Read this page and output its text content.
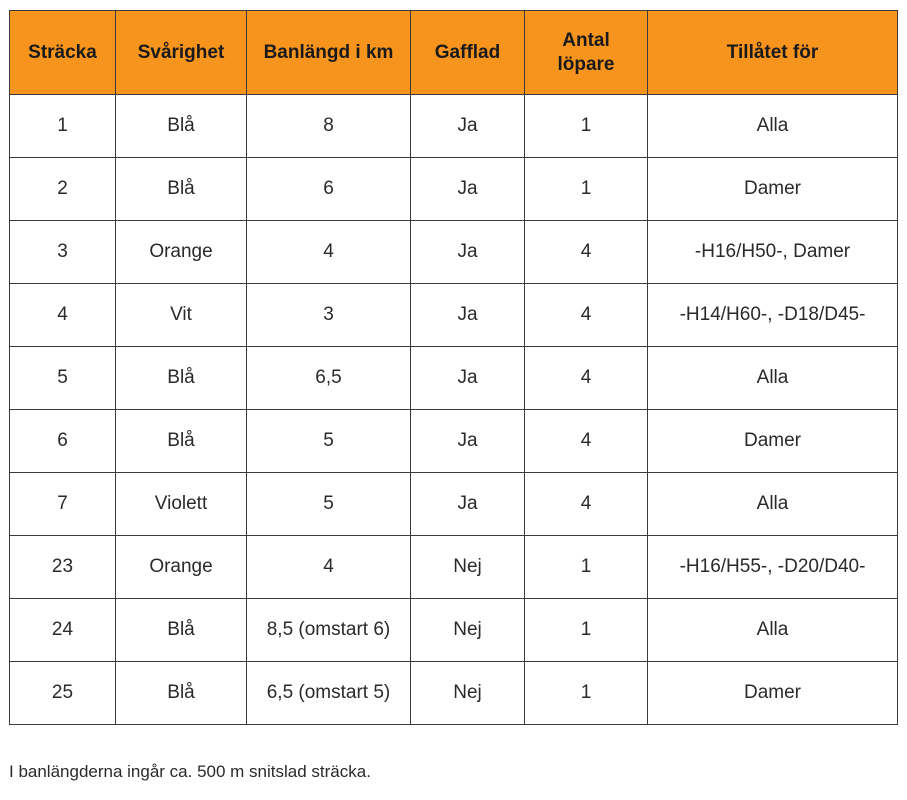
Sträcka	Svårighet	Banlängd i km	Gafflad	Antal löpare	Tillåtet för
1	Blå	8	Ja	1	Alla
2	Blå	6	Ja	1	Damer
3	Orange	4	Ja	4	-H16/H50-, Damer
4	Vit	3	Ja	4	-H14/H60-, -D18/D45-
5	Blå	6,5	Ja	4	Alla
6	Blå	5	Ja	4	Damer
7	Violett	5	Ja	4	Alla
23	Orange	4	Nej	1	-H16/H55-, -D20/D40-
24	Blå	8,5 (omstart 6)	Nej	1	Alla
25	Blå	6,5 (omstart 5)	Nej	1	Damer
I banlängderna ingår ca. 500 m snitslad sträcka.
